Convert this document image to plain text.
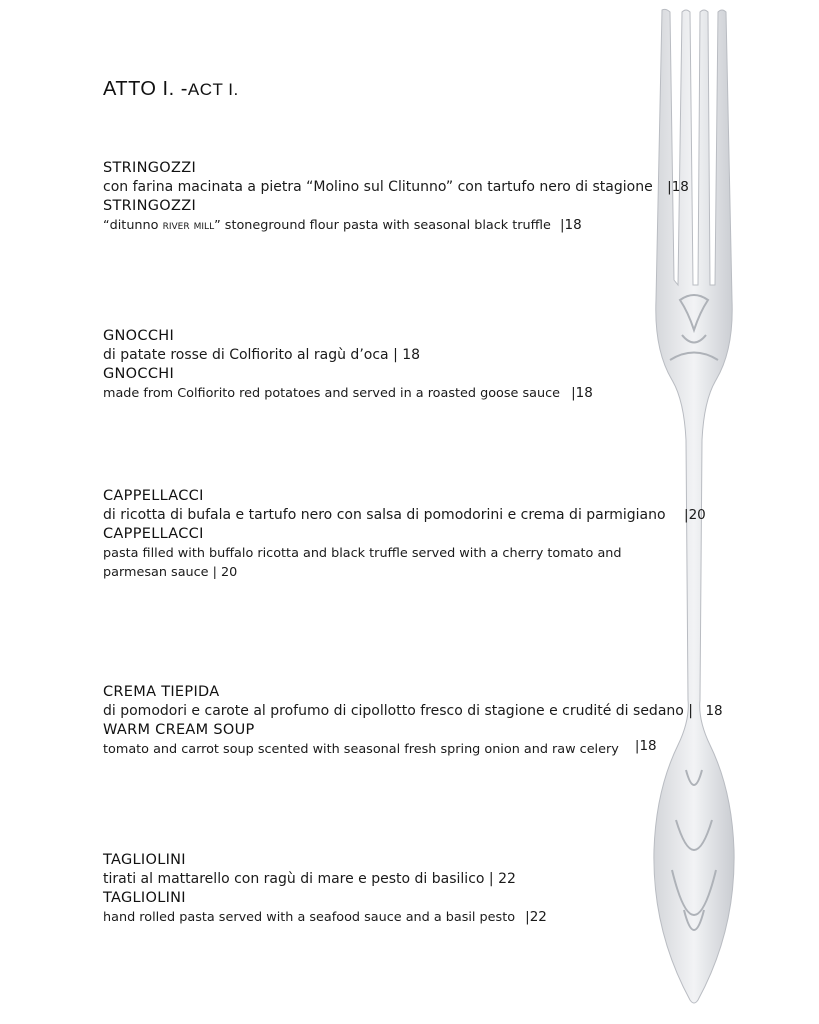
ATTO I. -ACT I.
STRINGOZZI
con farina macinata a pietra “Molino sul Clitunno” con tartufo nero di stagione |18
STRINGOZZI
“ditunno river mill” stoneground flour pasta with seasonal black truffle |18
GNOCCHI
di patate rosse di Colfiorito al ragù d’oca | 18
GNOCCHI
made from Colfiorito red potatoes and served in a roasted goose sauce |18
CAPPELLACCI
di ricotta di bufala e tartufo nero con salsa di pomodorini e crema di parmigiano |20
CAPPELLACCI
pasta filled with buffalo ricotta and black truffle served with a cherry tomato and parmesan sauce | 20
CREMA TIEPIDA
di pomodori e carote al profumo di cipollotto fresco di stagione e crudité di sedano | 18
WARM CREAM SOUP
tomato and carrot soup scented with seasonal fresh spring onion and raw celery |18
TAGLIOLINI
tirati al mattarello con ragù di mare e pesto di basilico | 22
TAGLIOLINI
hand rolled pasta served with a seafood sauce and a basil pesto |22
